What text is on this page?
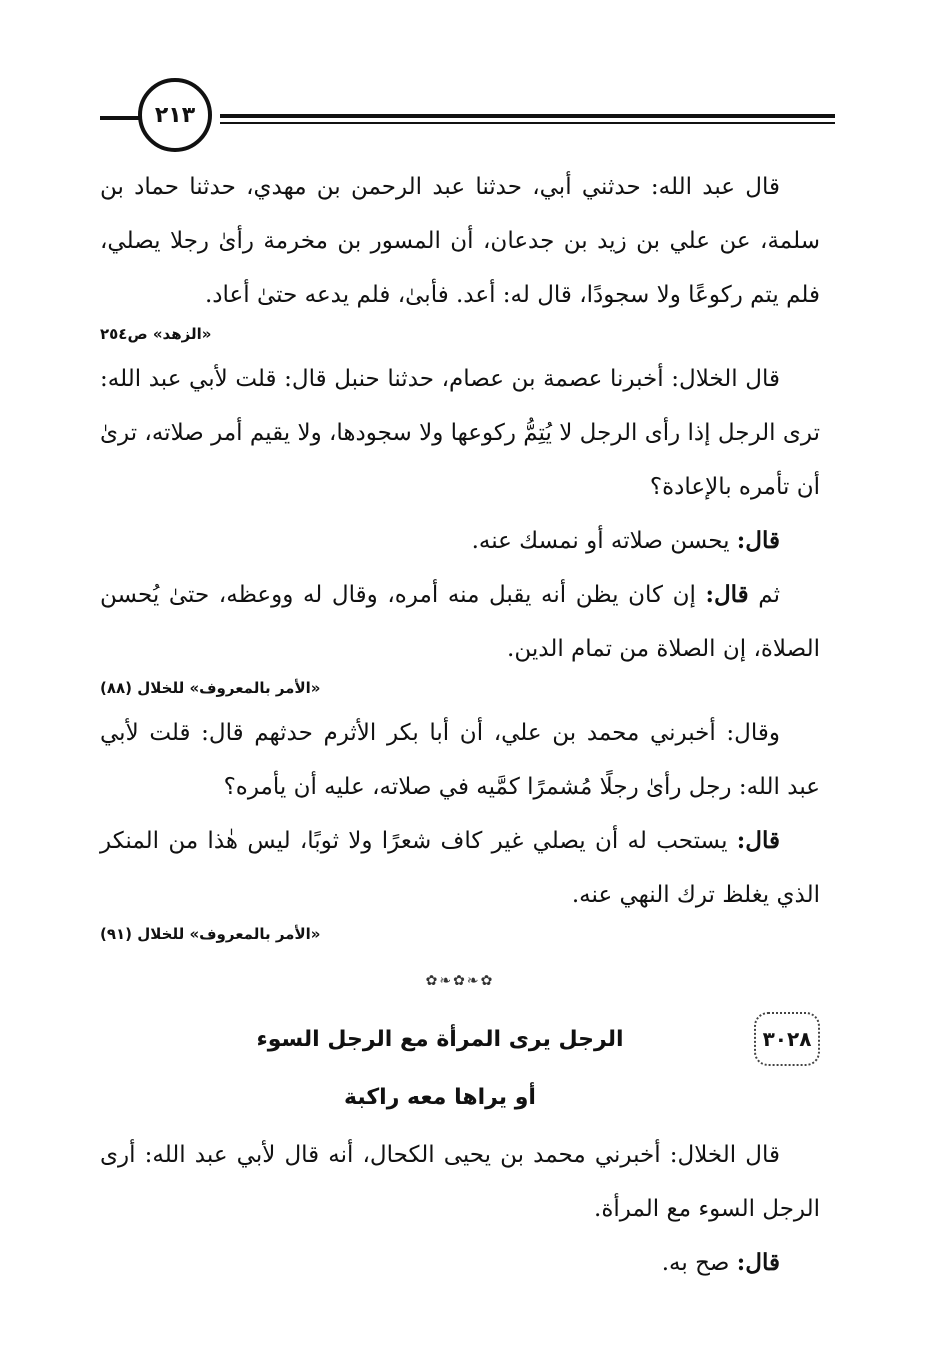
٢١٣

قال عبد الله: حدثني أبي، حدثنا عبد الرحمن بن مهدي، حدثنا حماد بن سلمة، عن علي بن زيد بن جدعان، أن المسور بن مخرمة رأىٰ رجلا يصلي، فلم يتم ركوعًا ولا سجودًا، قال له: أعد. فأبىٰ، فلم يدعه حتىٰ أعاد.

«الزهد» ص٢٥٤

قال الخلال: أخبرنا عصمة بن عصام، حدثنا حنبل قال: قلت لأبي عبد الله: ترى الرجل إذا رأى الرجل لا يُتِمُّ ركوعها ولا سجودها، ولا يقيم أمر صلاته، ترىٰ أن تأمره بالإعادة؟

قال: يحسن صلاته أو نمسك عنه.

ثم قال: إن كان يظن أنه يقبل منه أمره، وقال له ووعظه، حتىٰ يُحسن الصلاة، إن الصلاة من تمام الدين.

«الأمر بالمعروف» للخلال (٨٨)

وقال: أخبرني محمد بن علي، أن أبا بكر الأثرم حدثهم قال: قلت لأبي عبد الله: رجل رأىٰ رجلًا مُشمرًا كمَّيه في صلاته، عليه أن يأمره؟

قال: يستحب له أن يصلي غير كاف شعرًا ولا ثوبًا، ليس هٰذا من المنكر الذي يغلظ ترك النهي عنه.

«الأمر بالمعروف» للخلال (٩١)

✿❧✿❧✿
٣٠٢٨
الرجل يرى المرأة مع الرجل السوء
أو يراها معه راكبة

قال الخلال: أخبرني محمد بن يحيى الكحال، أنه قال لأبي عبد الله: أرى الرجل السوء مع المرأة.

قال: صح به.
